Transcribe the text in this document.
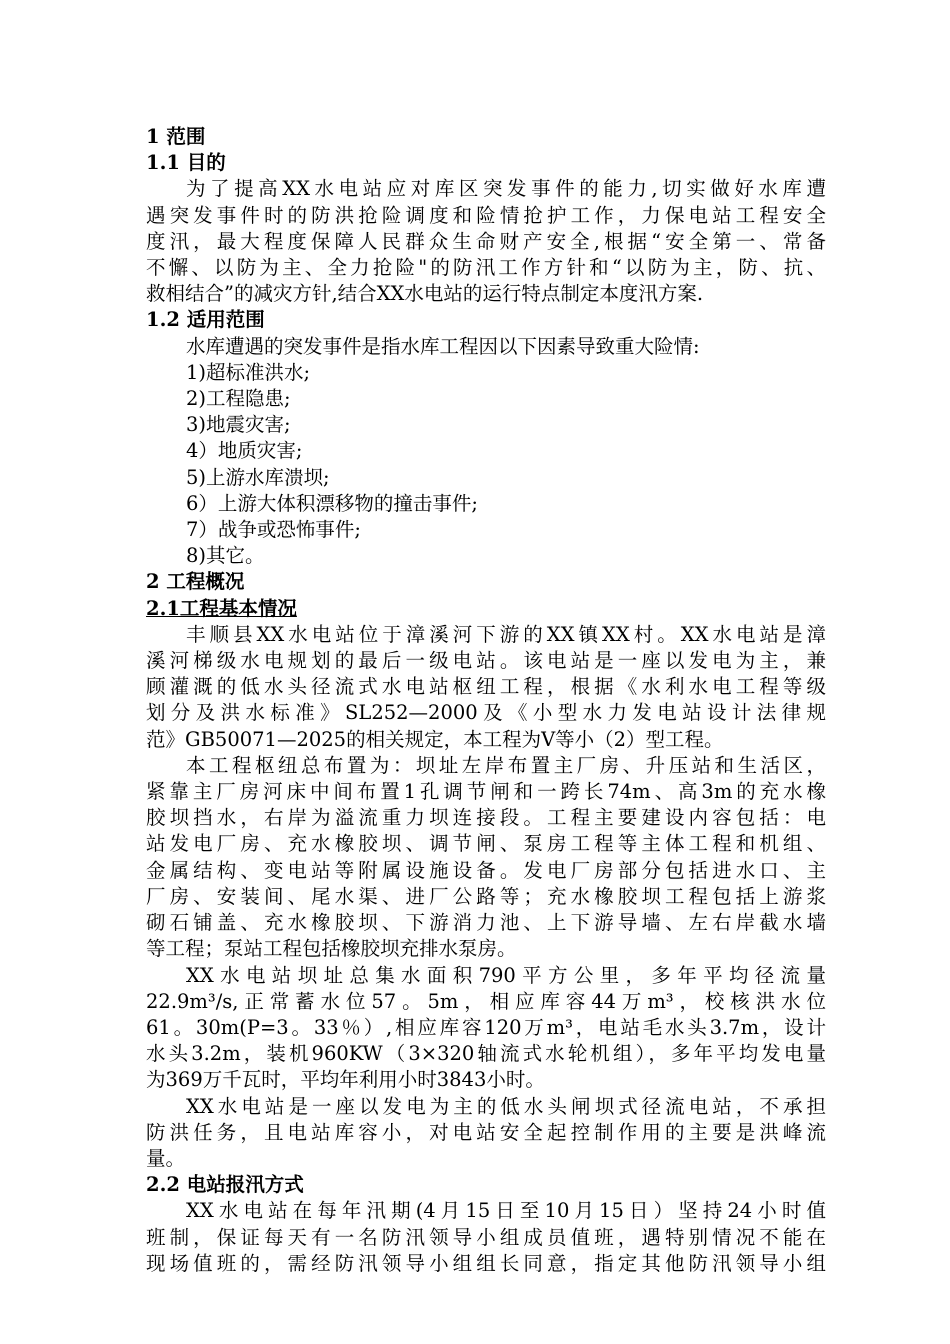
1 范围
1.1 目的

为了提高XX水电站应对库区突发事件的能力,切实做好水库遭

遇突发事件时的防洪抢险调度和险情抢护工作，力保电站工程安全

度汛，最大程度保障人民群众生命财产安全,根据“安全第一、常备

不懈、以防为主、全力抢险"的防汛工作方针和“以防为主，防、抗、

救相结合”的减灾方针,结合XX水电站的运行特点制定本度汛方案.

1.2 适用范围

水库遭遇的突发事件是指水库工程因以下因素导致重大险情:

1)超标准洪水;

2)工程隐患;

3)地震灾害;

4）地质灾害;

5)上游水库溃坝;

6）上游大体积漂移物的撞击事件;

7）战争或恐怖事件;

8)其它。

2 工程概况
2.1工程基本情况

丰顺县XX水电站位于漳溪河下游的XX镇XX村。XX水电站是漳

溪河梯级水电规划的最后一级电站。该电站是一座以发电为主，兼

顾灌溉的低水头径流式水电站枢纽工程，根据《水利水电工程等级

划分及洪水标准》SL252—2000及《小型水力发电站设计法律规

范》GB50071—2025的相关规定，本工程为Ⅴ等小（2）型工程。

本工程枢纽总布置为：坝址左岸布置主厂房、升压站和生活区，

紧靠主厂房河床中间布置1孔调节闸和一跨长74m、高3m的充水橡

胶坝挡水，右岸为溢流重力坝连接段。工程主要建设内容包括：电

站发电厂房、充水橡胶坝、调节闸、泵房工程等主体工程和机组、

金属结构、变电站等附属设施设备。发电厂房部分包括进水口、主

厂房、安装间、尾水渠、进厂公路等；充水橡胶坝工程包括上游浆

砌石铺盖、充水橡胶坝、下游消力池、上下游导墙、左右岸截水墙

等工程；泵站工程包括橡胶坝充排水泵房。

XX水电站坝址总集水面积790平方公里，多年平均径流量

22.9m³/s,正常蓄水位57。5m，相应库容44万m³，校核洪水位

61。30m(P=3。33％）,相应库容120万m³，电站毛水头3.7m，设计

水头3.2m，装机960KW（3×320轴流式水轮机组），多年平均发电量

为369万千瓦时，平均年利用小时3843小时。

XX水电站是一座以发电为主的低水头闸坝式径流电站，不承担

防洪任务，且电站库容小，对电站安全起控制作用的主要是洪峰流

量。

2.2 电站报汛方式

XX水电站在每年汛期(4月15日至10月15日）坚持24小时值

班制，保证每天有一名防汛领导小组成员值班，遇特别情况不能在

现场值班的，需经防汛领导小组组长同意，指定其他防汛领导小组
